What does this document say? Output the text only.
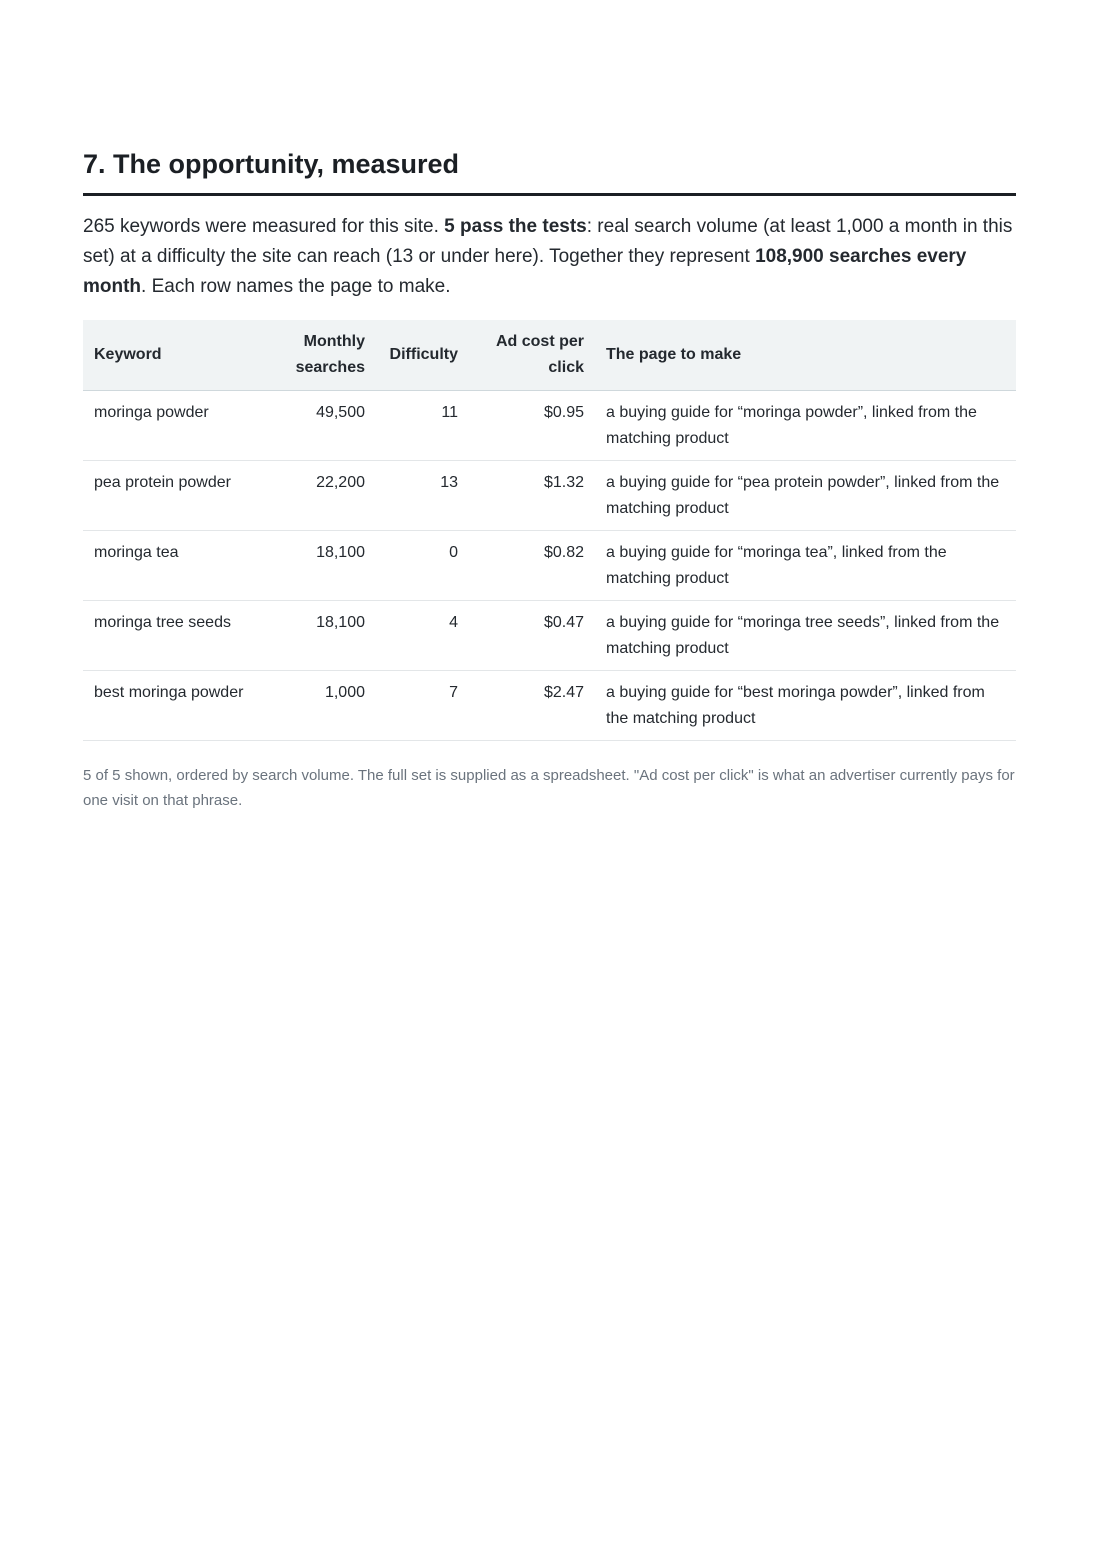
7. The opportunity, measured

265 keywords were measured for this site. 5 pass the tests: real search volume (at least 1,000 a month in this set) at a difficulty the site can reach (13 or under here). Together they represent 108,900 searches every month. Each row names the page to make.

Keyword	Monthly searches	Difficulty	Ad cost per click	The page to make
moringa powder	49,500	11	$0.95	a buying guide for “moringa powder”, linked from the matching product
pea protein powder	22,200	13	$1.32	a buying guide for “pea protein powder”, linked from the matching product
moringa tea	18,100	0	$0.82	a buying guide for “moringa tea”, linked from the matching product
moringa tree seeds	18,100	4	$0.47	a buying guide for “moringa tree seeds”, linked from the matching product
best moringa powder	1,000	7	$2.47	a buying guide for “best moringa powder”, linked from the matching product

5 of 5 shown, ordered by search volume. The full set is supplied as a spreadsheet. "Ad cost per click" is what an advertiser currently pays for one visit on that phrase.
